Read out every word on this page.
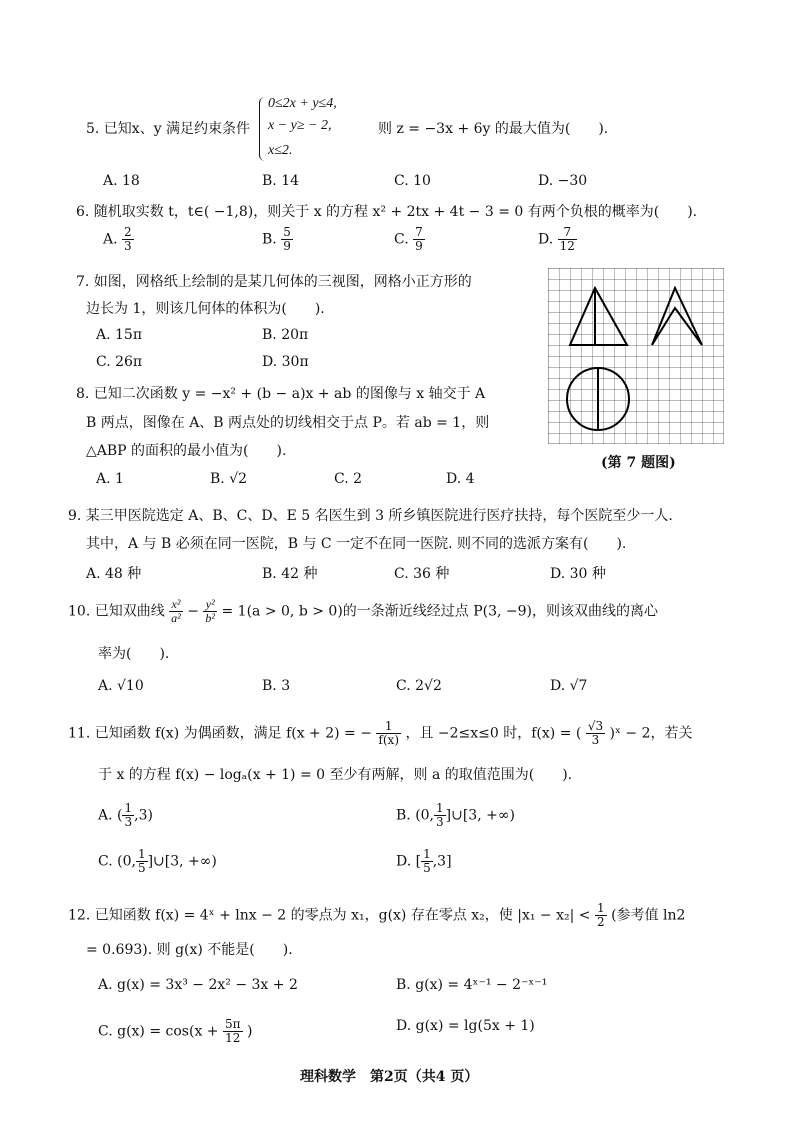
5. 已知x、y 满足约束条件
0≤2x + y≤4,
x − y≥ − 2,
x≤2.
则 z = −3x + 6y 的最大值为(　　).
A. 18	B. 14	C. 10	D. −30
6. 随机取实数 t，t∈( −1,8)，则关于 x 的方程 x² + 2tx + 4t − 3 = 0 有两个负根的概率为(　　).
A. $\frac{2}{3}$	B. $\frac{5}{9}$	C. $\frac{7}{9}$	D. $\frac{7}{12}$
7. 如图，网格纸上绘制的是某几何体的三视图，网格小正方形的
边长为 1，则该几何体的体积为(　　).
A. 15π	B. 20π
C. 26π	D. 30π
8. 已知二次函数 y = −x² + (b − a)x + ab 的图像与 x 轴交于 A
B 两点，图像在 A、B 两点处的切线相交于点 P。若 ab = 1，则
△ABP 的面积的最小值为(　　).
A. 1	B. √2	C. 2	D. 4
(第 7 题图)
9. 某三甲医院选定 A、B、C、D、E 5 名医生到 3 所乡镇医院进行医疗扶持，每个医院至少一人.
其中，A 与 B 必须在同一医院，B 与 C 一定不在同一医院. 则不同的选派方案有(　　).
A. 48 种	B. 42 种	C. 36 种	D. 30 种
10. 已知双曲线 $\frac{\text{x²}}{\text{a²}} - \frac{\text{y²}}{\text{b²}} = 1(a > 0$, b > 0)的一条渐近线经过点 P(3, −9)，则该双曲线的离心
率为(　　).
A. √10	B. 3	C. 2√2	D. √7
11. 已知函数 f(x) 为偶函数，满足 f(x + 2) = − $\frac{1}{f(x)}$ ，且 −2≤x≤0 时，f(x) = ( $\frac{√3}{3}$ )ˣ − 2，若关
于 x 的方程 f(x) − logₐ(x + 1) = 0 至少有两解，则 a 的取值范围为(　　).
A. ( $\frac{1}{3} ,3$)	B. (0, $\frac{1}{3}$ ]∪[3, +∞)
C. (0, $\frac{1}{5}$ ]∪[3, +∞)	D. [ $\frac{1}{5} ,3$]
12. 已知函数 f(x) = 4ˣ + lnx − 2 的零点为 x₁，g(x) 存在零点 x₂，使 $|x_1 - x_2| < \frac{1}{2}$ (参考值 ln2
= 0.693). 则 g(x) 不能是(　　).
A. g(x) = 3x³ − 2x² − 3x + 2	B. g(x) = 4ˣ⁻¹ − 2⁻ˣ⁻¹
C. $g(x) = \cos(x + \frac{5\pi}{12}$ )	D. g(x) = lg(5x + 1)
理科数学　第2页（共4 页）
